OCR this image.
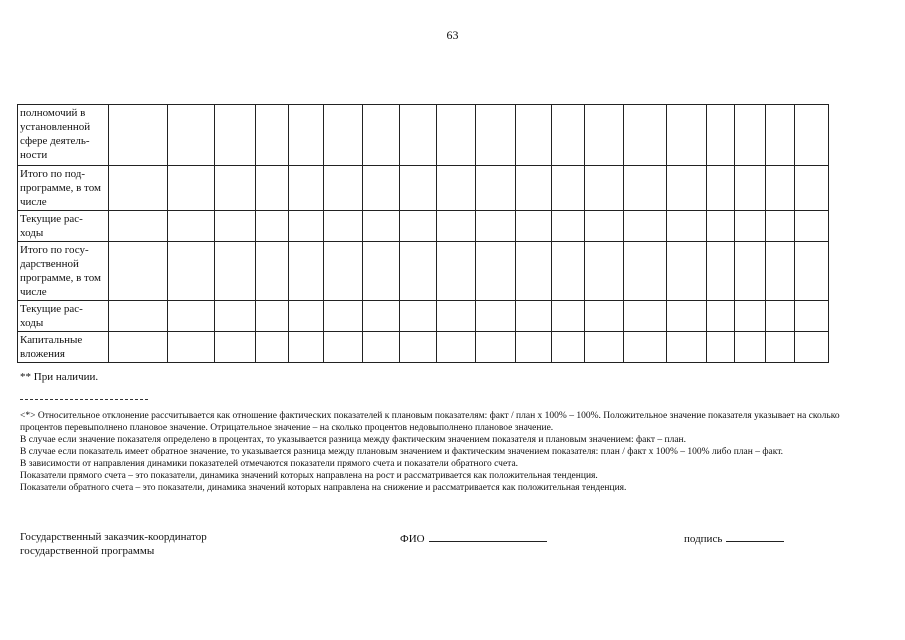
63
полномочий в установленной сфере деятель- ности																			
Итого по под- программе, в том числе																			
Текущие рас- ходы																			
Итого по госу- дарственной программе, в том числе																			
Текущие рас- ходы																			
Капитальные вложения																			
** При наличии.

<*> Относительное отклонение рассчитывается как отношение фактических показателей к плановым показателям: факт / план x 100% – 100%. Положительное значение показателя указывает на сколько процентов перевыполнено плановое значение. Отрицательное значение – на сколько процентов недовыполнено плановое значение.

В случае если значение показателя определено в процентах, то указывается разница между фактическим значением показателя и плановым значением: факт – план.

В случае если показатель имеет обратное значение, то указывается разница между плановым значением и фактическим значением показателя: план / факт x 100% – 100% либо план – факт.

В зависимости от направления динамики показателей отмечаются показатели прямого счета и показатели обратного счета.

Показатели прямого счета – это показатели, динамика значений которых направлена на рост и рассматривается как положительная тенденция.

Показатели обратного счета – это показатели, динамика значений которых направлена на снижение и рассматривается как положительная тенденция.

Государственный заказчик-координатор
государственной программы
ФИО	подпись
